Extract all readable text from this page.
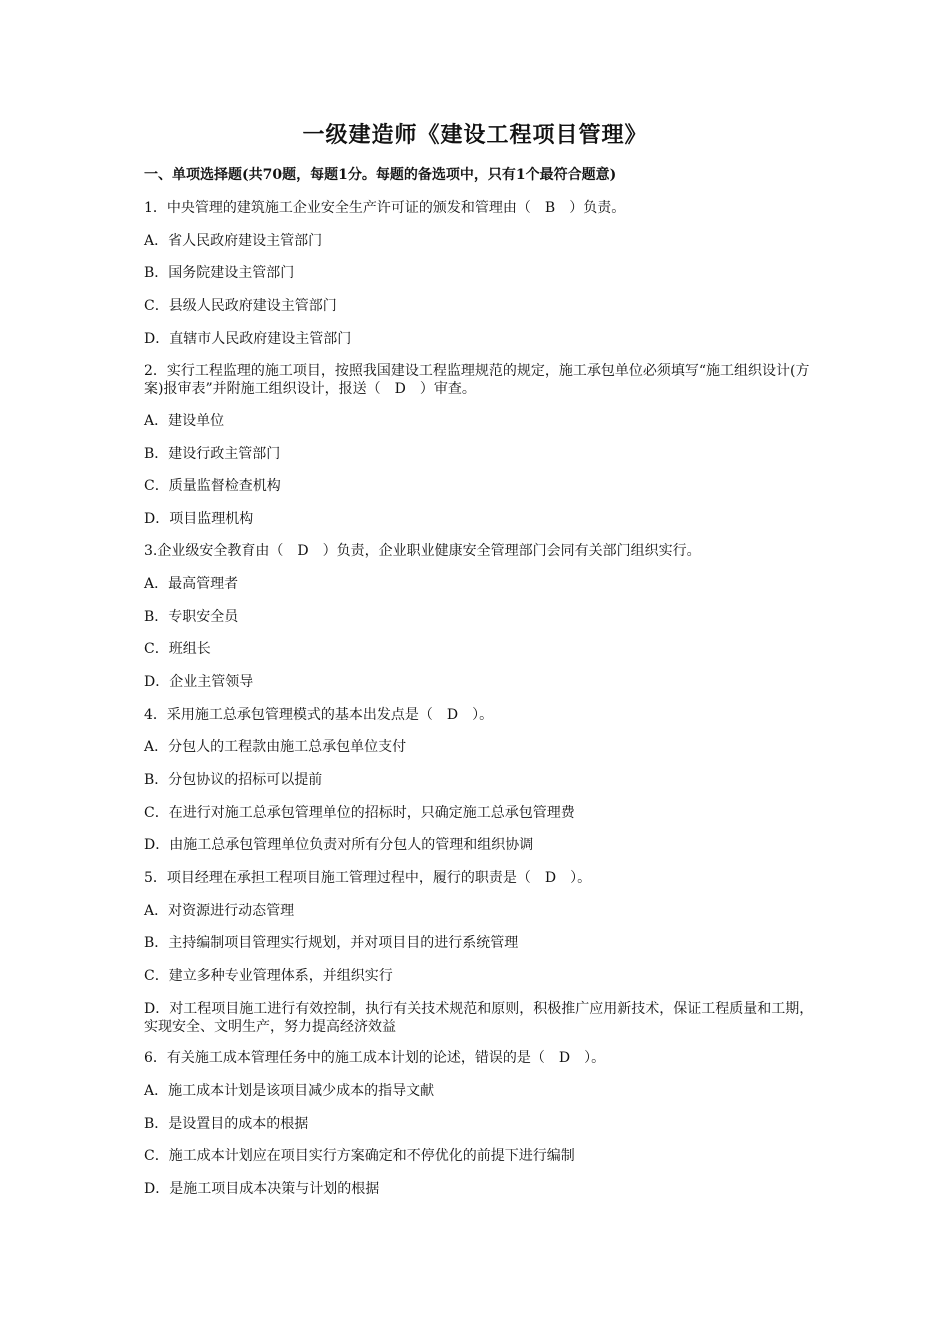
一级建造师《建设工程项目管理》
一、单项选择题(共70题，每题1分。每题的备选项中，只有1个最符合题意)
1．中央管理的建筑施工企业安全生产许可证的颁发和管理由（　B　）负责。
A．省人民政府建设主管部门
B．国务院建设主管部门
C．县级人民政府建设主管部门
D．直辖市人民政府建设主管部门
2．实行工程监理的施工项目，按照我国建设工程监理规范的规定，施工承包单位必须填写“施工组织设计(方案)报审表”并附施工组织设计，报送（　D　）审查。
A．建设单位
B．建设行政主管部门
C．质量监督检查机构
D．项目监理机构
3.企业级安全教育由（　D　）负责，企业职业健康安全管理部门会同有关部门组织实行。
A．最高管理者
B．专职安全员
C．班组长
D．企业主管领导
4．采用施工总承包管理模式的基本出发点是（　D　）。
A．分包人的工程款由施工总承包单位支付
B．分包协议的招标可以提前
C．在进行对施工总承包管理单位的招标时，只确定施工总承包管理费
D．由施工总承包管理单位负责对所有分包人的管理和组织协调
5．项目经理在承担工程项目施工管理过程中，履行的职责是（　D　）。
A．对资源进行动态管理
B．主持编制项目管理实行规划，并对项目目的进行系统管理
C．建立多种专业管理体系，并组织实行
D．对工程项目施工进行有效控制，执行有关技术规范和原则，积极推广应用新技术，保证工程质量和工期，实现安全、文明生产，努力提高经济效益
6．有关施工成本管理任务中的施工成本计划的论述，错误的是（　D　）。
A．施工成本计划是该项目减少成本的指导文献
B．是设置目的成本的根据
C．施工成本计划应在项目实行方案确定和不停优化的前提下进行编制
D．是施工项目成本决策与计划的根据
